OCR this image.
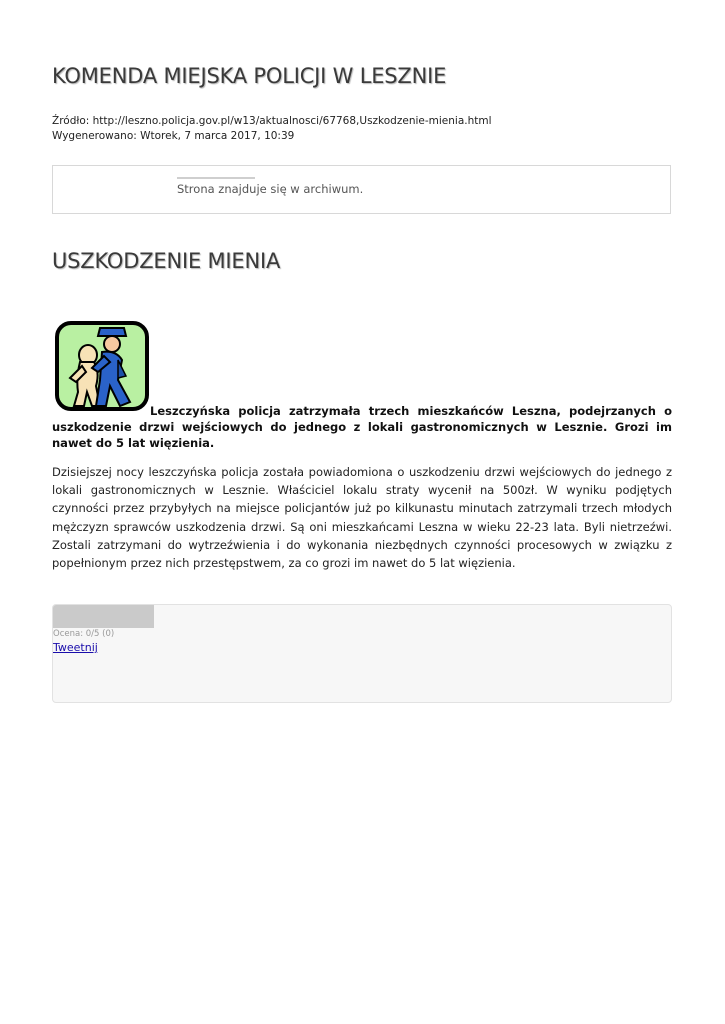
KOMENDA MIEJSKA POLICJI W LESZNIE
Źródło: http://leszno.policja.gov.pl/w13/aktualnosci/67768,Uszkodzenie-mienia.html
Wygenerowano: Wtorek, 7 marca 2017, 10:39
Strona znajduje się w archiwum.
USZKODZENIE MIENIA

Leszczyńska policja zatrzymała trzech mieszkańców Leszna, podejrzanych o uszkodzenie drzwi wejściowych do jednego z lokali gastronomicznych w Lesznie. Grozi im nawet do 5 lat więzienia.

Dzisiejszej nocy leszczyńska policja została powiadomiona o uszkodzeniu drzwi wejściowych do jednego z lokali gastronomicznych w Lesznie. Właściciel lokalu straty wycenił na 500zł. W wyniku podjętych czynności przez przybyłych na miejsce policjantów już po kilkunastu minutach zatrzymali trzech młodych mężczyzn sprawców uszkodzenia drzwi. Są oni mieszkańcami Leszna w wieku 22-23 lata. Byli nietrzeźwi. Zostali zatrzymani do wytrzeźwienia i do wykonania niezbędnych czynności procesowych w związku z popełnionym przez nich przestępstwem, za co grozi im nawet do 5 lat więzienia.

Ocena: 0/5 (0)
Tweetnij
